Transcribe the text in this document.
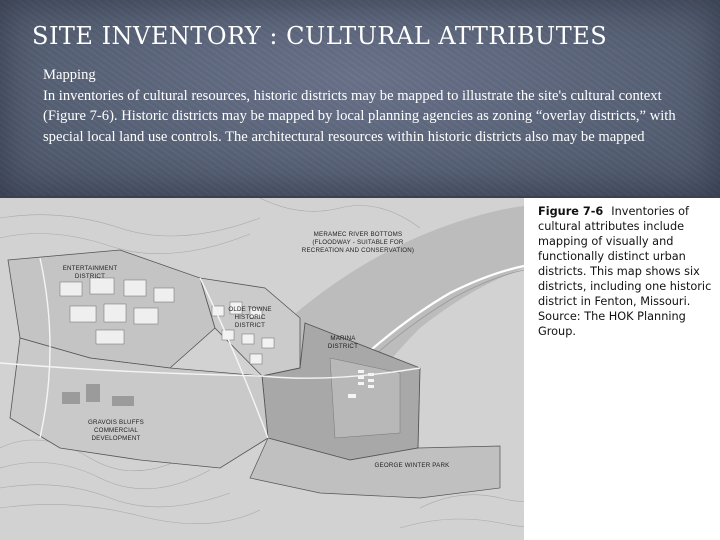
SITE INVENTORY : CULTURAL ATTRIBUTES

Mapping

In inventories of cultural resources, historic districts may be mapped to illustrate the site's cultural context (Figure 7-6). Historic districts may be mapped by local planning agencies as zoning “overlay districts,” with special local land use controls. The architectural resources within historic districts also may be mapped

MERAMEC RIVER BOTTOMS
(FLOODWAY - SUITABLE FOR
RECREATION AND CONSERVATION)
ENTERTAINMENT
DISTRICT
OLDE TOWNE
HISTORIC
DISTRICT
MARINA
DISTRICT
GRAVOIS BLUFFS
COMMERCIAL
DEVELOPMENT
GEORGE WINTER PARK
Figure 7-6 Inventories of cultural attributes include mapping of visually and functionally distinct urban districts. This map shows six districts, including one historic district in Fenton, Missouri. Source: The HOK Planning Group.
